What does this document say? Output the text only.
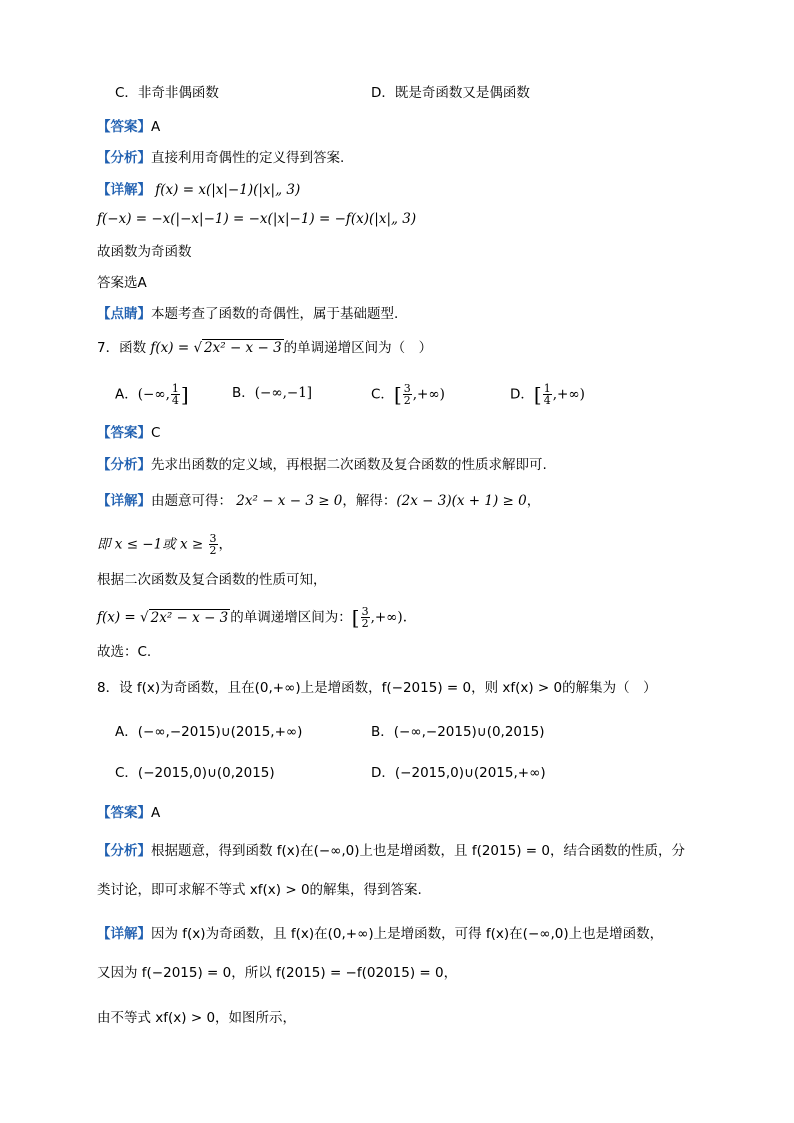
C．非奇非偶函数	D．既是奇函数又是偶函数
【答案】A
【分析】直接利用奇偶性的定义得到答案.
【详解】 f(x) = x(|x|−1)(|x|„ 3)
f(−x) = −x(|−x|−1) = −x(|x|−1) = −f(x)(|x|„ 3)
故函数为奇函数
答案选A
【点睛】本题考查了函数的奇偶性，属于基础题型.
7．函数 f(x) = √ 2x² − x − 3 的单调递增区间为（　）
A．(−∞, $\frac{1}{4}$ ]	B．(−∞,−1]	C．[ $\frac{3}{2}$ ,+∞)	D．[ $\frac{1}{4}$ ,+∞)
【答案】C
【分析】先求出函数的定义域，再根据二次函数及复合函数的性质求解即可.
【详解】由题意可得： 2x² − x − 3 ≥ 0，解得：(2x − 3)(x + 1) ≥ 0，
即 x ≤ −1或 $x \ge \frac{3}{2}$ ，
根据二次函数及复合函数的性质可知，
f(x) = √ 2x² − x − 3 的单调递增区间为：[ $\frac{3}{2}$ ,+∞).
故选：C.
8．设 f(x)为奇函数，且在(0,+∞)上是增函数，f(−2015) = 0，则 xf(x) > 0的解集为（　）
A．(−∞,−2015)∪(2015,+∞)	B．(−∞,−2015)∪(0,2015)
C．(−2015,0)∪(0,2015)	D．(−2015,0)∪(2015,+∞)
【答案】A
【分析】根据题意，得到函数 f(x)在(−∞,0)上也是增函数，且 f(2015) = 0，结合函数的性质，分
类讨论，即可求解不等式 xf(x) > 0的解集，得到答案.
【详解】因为 f(x)为奇函数，且 f(x)在(0,+∞)上是增函数，可得 f(x)在(−∞,0)上也是增函数，
又因为 f(−2015) = 0，所以 f(2015) = −f(02015) = 0，
由不等式 xf(x) > 0，如图所示，
